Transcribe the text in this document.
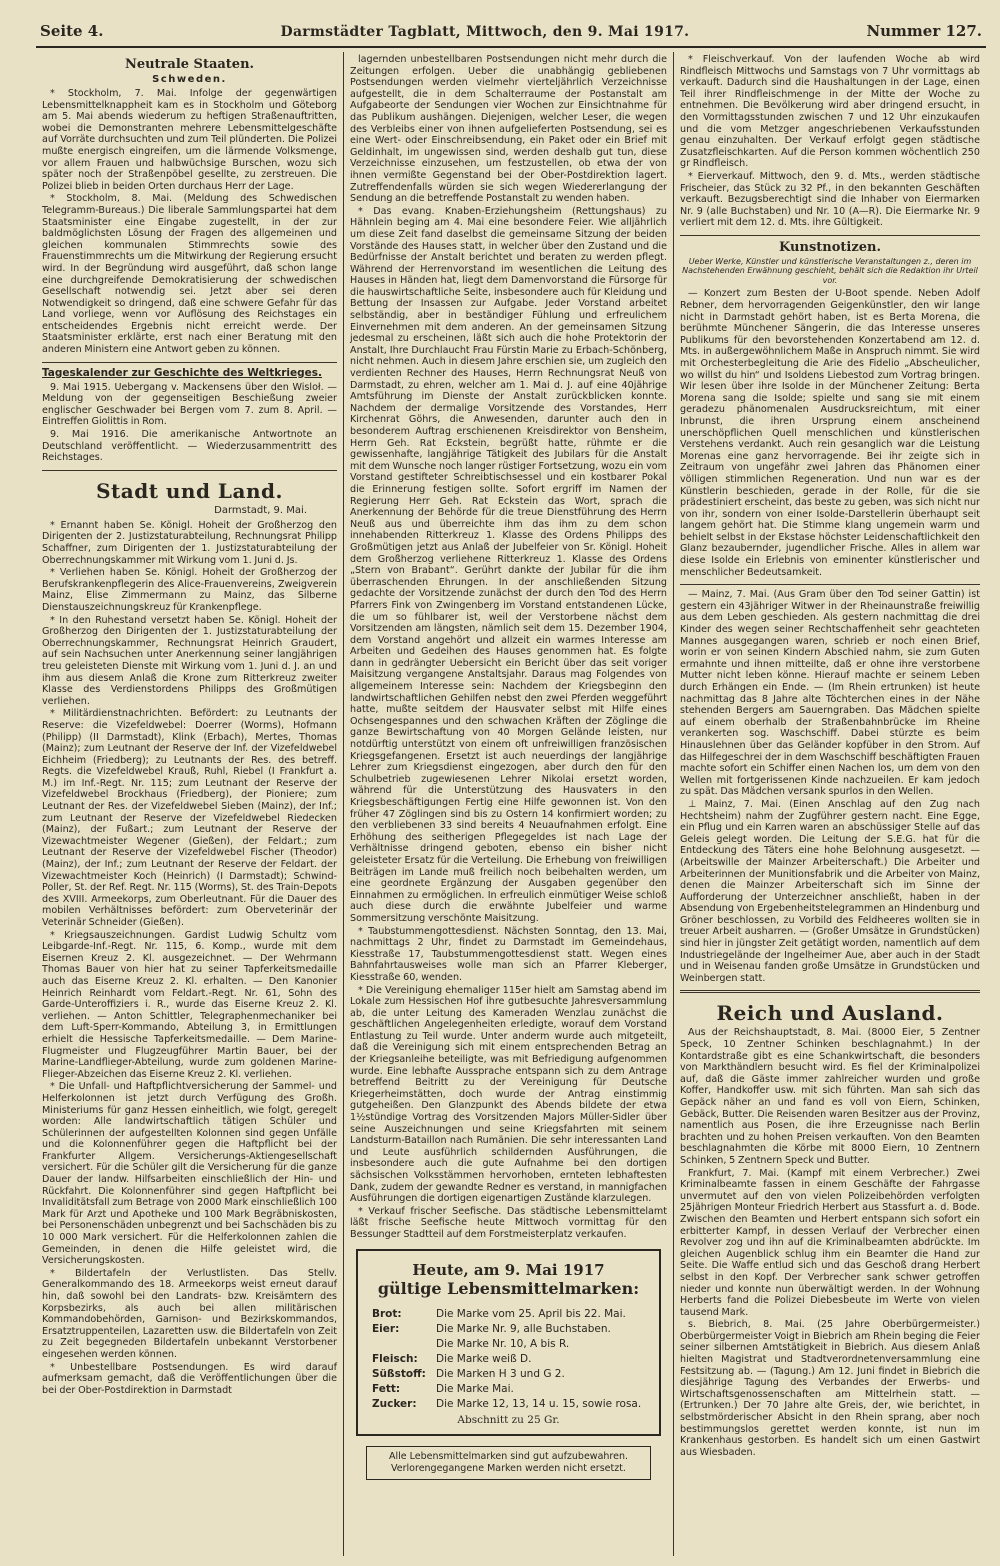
Seite 4.	Darmstädter Tagblatt, Mittwoch, den 9. Mai 1917.	Nummer 127.
Neutrale Staaten.
Schweden.

* Stockholm, 7. Mai. Infolge der gegenwärtigen Lebensmittelknappheit kam es in Stockholm und Göteborg am 5. Mai abends wiederum zu heftigen Straßenauftritten, wobei die Demonstranten mehrere Lebensmittelgeschäfte auf Vorräte durchsuchten und zum Teil plünderten. Die Polizei mußte energisch eingreifen, um die lärmende Volksmenge, vor allem Frauen und halbwüchsige Burschen, wozu sich später noch der Straßenpöbel gesellte, zu zerstreuen. Die Polizei blieb in beiden Orten durchaus Herr der Lage.

* Stockholm, 8. Mai. (Meldung des Schwedischen Telegramm-Bureaus.) Die liberale Sammlungspartei hat dem Staatsminister eine Eingabe zugestellt, in der zur baldmöglichsten Lösung der Fragen des allgemeinen und gleichen kommunalen Stimmrechts sowie des Frauenstimmrechts um die Mitwirkung der Regierung ersucht wird. In der Begründung wird ausgeführt, daß schon lange eine durchgreifende Demokratisierung der schwedischen Gesellschaft notwendig sei. Jetzt aber sei deren Notwendigkeit so dringend, daß eine schwere Gefahr für das Land vorliege, wenn vor Auflösung des Reichstages ein entscheidendes Ergebnis nicht erreicht werde. Der Staatsminister erklärte, erst nach einer Beratung mit den anderen Ministern eine Antwort geben zu können.

Tageskalender zur Geschichte des Weltkrieges.

9. Mai 1915. Uebergang v. Mackensens über den Wisloł. — Meldung von der gegenseitigen Beschießung zweier englischer Geschwader bei Bergen vom 7. zum 8. April. — Eintreffen Giolittis in Rom.

9. Mai 1916. Die amerikanische Antwortnote an Deutschland veröffentlicht. — Wiederzusammentritt des Reichstages.

Stadt und Land.
Darmstadt, 9. Mai.

* Ernannt haben Se. Königl. Hoheit der Großherzog den Dirigenten der 2. Justizstaturabteilung, Rechnungsrat Philipp Schaffner, zum Dirigenten der 1. Justizstaturabteilung der Oberrechnungskammer mit Wirkung vom 1. Juni d. Js.

* Verliehen haben Se. Königl. Hoheit der Großherzog der Berufskrankenpflegerin des Alice-Frauenvereins, Zweigverein Mainz, Elise Zimmermann zu Mainz, das Silberne Dienstauszeichnungskreuz für Krankenpflege.

* In den Ruhestand versetzt haben Se. Königl. Hoheit der Großherzog den Dirigenten der 1. Justizstaturabteilung der Oberrechnungskammer, Rechnungsrat Heinrich Graudert, auf sein Nachsuchen unter Anerkennung seiner langjährigen treu geleisteten Dienste mit Wirkung vom 1. Juni d. J. an und ihm aus diesem Anlaß die Krone zum Ritterkreuz zweiter Klasse des Verdienstordens Philipps des Großmütigen verliehen.

* Militärdienstnachrichten. Befördert: zu Leutnants der Reserve: die Vizefeldwebel: Doerrer (Worms), Hofmann (Philipp) (II Darmstadt), Klink (Erbach), Mertes, Thomas (Mainz); zum Leutnant der Reserve der Inf. der Vizefeldwebel Eichheim (Friedberg); zu Leutnants der Res. des betreff. Regts. die Vizefeldwebel Krauß, Ruhl, Riebel (I Frankfurt a. M.) im Inf.-Regt. Nr. 115; zum Leutnant der Reserve der Vizefeldwebel Brockhaus (Friedberg), der Pioniere; zum Leutnant der Res. der Vizefeldwebel Sieben (Mainz), der Inf.; zum Leutnant der Reserve der Vizefeldwebel Riedecken (Mainz), der Fußart.; zum Leutnant der Reserve der Vizewachtmeister Wegener (Gießen), der Feldart.; zum Leutnant der Reserve der Vizefeldwebel Fischer (Theodor) (Mainz), der Inf.; zum Leutnant der Reserve der Feldart. der Vizewachtmeister Koch (Heinrich) (I Darmstadt); Schwind-Poller, St. der Ref. Regt. Nr. 115 (Worms), St. des Train-Depots des XVIII. Armeekorps, zum Oberleutnant. Für die Dauer des mobilen Verhältnisses befördert: zum Oberveterinär der Veterinär Schneider (Gießen).

* Kriegsauszeichnungen. Gardist Ludwig Schultz vom Leibgarde-Inf.-Regt. Nr. 115, 6. Komp., wurde mit dem Eisernen Kreuz 2. Kl. ausgezeichnet. — Der Wehrmann Thomas Bauer von hier hat zu seiner Tapferkeitsmedaille auch das Eiserne Kreuz 2. Kl. erhalten. — Den Kanonier Heinrich Reinhardt vom Feldart.-Regt. Nr. 61, Sohn des Garde-Unteroffiziers i. R., wurde das Eiserne Kreuz 2. Kl. verliehen. — Anton Schittler, Telegraphenmechaniker bei dem Luft-Sperr-Kommando, Abteilung 3, in Ermittlungen erhielt die Hessische Tapferkeitsmedaille. — Dem Marine-Flugmeister und Flugzeugführer Martin Bauer, bei der Marine-Landflieger-Abteilung, wurde zum goldenen Marine-Flieger-Abzeichen das Eiserne Kreuz 2. Kl. verliehen.

* Die Unfall- und Haftpflichtversicherung der Sammel- und Helferkolonnen ist jetzt durch Verfügung des Großh. Ministeriums für ganz Hessen einheitlich, wie folgt, geregelt worden: Alle landwirtschaftlich tätigen Schüler und Schülerinnen der aufgestellten Kolonnen sind gegen Unfälle und die Kolonnenführer gegen die Haftpflicht bei der Frankfurter Allgem. Versicherungs-Aktiengesellschaft versichert. Für die Schüler gilt die Versicherung für die ganze Dauer der landw. Hilfsarbeiten einschließlich der Hin- und Rückfahrt. Die Kolonnenführer sind gegen Haftpflicht bei Invaliditätsfall zum Betrage von 2000 Mark einschließlich 100 Mark für Arzt und Apotheke und 100 Mark Begräbniskosten, bei Personenschäden unbegrenzt und bei Sachschäden bis zu 10 000 Mark versichert. Für die Helferkolonnen zahlen die Gemeinden, in denen die Hilfe geleistet wird, die Versicherungskosten.

* Bildertafeln der Verlustlisten. Das Stellv. Generalkommando des 18. Armeekorps weist erneut darauf hin, daß sowohl bei den Landrats- bzw. Kreisämtern des Korpsbezirks, als auch bei allen militärischen Kommandobehörden, Garnison- und Bezirkskommandos, Ersatztruppenteilen, Lazaretten usw. die Bildertafeln von Zeit zu Zeit begegneden Bildertafeln unbekannt Verstorbener eingesehen werden können.

* Unbestellbare Postsendungen. Es wird darauf aufmerksam gemacht, daß die Veröffentlichungen über die bei der Ober-Postdirektion in Darmstadt

lagernden unbestellbaren Postsendungen nicht mehr durch die Zeitungen erfolgen. Ueber die unabhängig gebliebenen Postsendungen werden vielmehr vierteljährlich Verzeichnisse aufgestellt, die in dem Schalterraume der Postanstalt am Aufgabeorte der Sendungen vier Wochen zur Einsichtnahme für das Publikum aushängen. Diejenigen, welcher Leser, die wegen des Verbleibs einer von ihnen aufgelieferten Postsendung, sei es eine Wert- oder Einschreibsendung, ein Paket oder ein Brief mit Geldinhalt, im ungewissen sind, werden deshalb gut tun, diese Verzeichnisse einzusehen, um festzustellen, ob etwa der von ihnen vermißte Gegenstand bei der Ober-Postdirektion lagert. Zutreffendenfalls würden sie sich wegen Wiedererlangung der Sendung an die betreffende Postanstalt zu wenden haben.

* Das evang. Knaben-Erziehungsheim (Rettungshaus) zu Hähnlein beging am 4. Mai eine besondere Feier. Wie alljährlich um diese Zeit fand daselbst die gemeinsame Sitzung der beiden Vorstände des Hauses statt, in welcher über den Zustand und die Bedürfnisse der Anstalt berichtet und beraten zu werden pflegt. Während der Herrenvorstand im wesentlichen die Leitung des Hauses in Händen hat, liegt dem Damenvorstand die Fürsorge für die hauswirtschaftliche Seite, insbesondere auch für Kleidung und Bettung der Insassen zur Aufgabe. Jeder Vorstand arbeitet selbständig, aber in beständiger Fühlung und erfreulichem Einvernehmen mit dem anderen. An der gemeinsamen Sitzung jedesmal zu erscheinen, läßt sich auch die hohe Protektorin der Anstalt, Ihre Durchlaucht Frau Fürstin Marie zu Erbach-Schönberg, nicht nehmen. Auch in diesem Jahre erschien sie, um zugleich den verdienten Rechner des Hauses, Herrn Rechnungsrat Neuß von Darmstadt, zu ehren, welcher am 1. Mai d. J. auf eine 40jährige Amtsführung im Dienste der Anstalt zurückblicken konnte. Nachdem der dermalige Vorsitzende des Vorstandes, Herr Kirchenrat Göhrs, die Anwesenden, darunter auch den in besonderem Auftrag erschienenen Kreisdirektor von Bensheim, Herrn Geh. Rat Eckstein, begrüßt hatte, rühmte er die gewissenhafte, langjährige Tätigkeit des Jubilars für die Anstalt mit dem Wunsche noch langer rüstiger Fortsetzung, wozu ein vom Vorstand gestifteter Schreibtischsessel und ein kostbarer Pokal die Erinnerung festigen sollte. Sofort ergriff im Namen der Regierung Herr Geh. Rat Eckstein das Wort, sprach die Anerkennung der Behörde für die treue Dienstführung des Herrn Neuß aus und überreichte ihm das ihm zu dem schon innehabenden Ritterkreuz 1. Klasse des Ordens Philipps des Großmütigen jetzt aus Anlaß der Jubelfeier von Sr. Königl. Hoheit dem Großherzog verliehene Ritterkreuz 1. Klasse des Ordens „Stern von Brabant“. Gerührt dankte der Jubilar für die ihm überraschenden Ehrungen. In der anschließenden Sitzung gedachte der Vorsitzende zunächst der durch den Tod des Herrn Pfarrers Fink von Zwingenberg im Vorstand entstandenen Lücke, die um so fühlbarer ist, weil der Verstorbene nächst dem Vorsitzenden am längsten, nämlich seit dem 15. Dezember 1904, dem Vorstand angehört und allzeit ein warmes Interesse am Arbeiten und Gedeihen des Hauses genommen hat. Es folgte dann in gedrängter Uebersicht ein Bericht über das seit voriger Maisitzung vergangene Anstaltsjahr. Daraus mag Folgendes von allgemeinem Interesse sein: Nachdem der Kriegsbeginn den landwirtschaftlichen Gehilfen nebst den zwei Pferden weggeführt hatte, mußte seitdem der Hausvater selbst mit Hilfe eines Ochsengespannes und den schwachen Kräften der Zöglinge die ganze Bewirtschaftung von 40 Morgen Gelände leisten, nur notdürftig unterstützt von einem oft unfreiwilligen französischen Kriegsgefangenen. Ersetzt ist auch neuerdings der langjährige Lehrer zum Kriegsdienst eingezogen, aber durch den für den Schulbetrieb zugewiesenen Lehrer Nikolai ersetzt worden, während für die Unterstützung des Hausvaters in den Kriegsbeschäftigungen Fertig eine Hilfe gewonnen ist. Von den früher 47 Zöglingen sind bis zu Ostern 14 konfirmiert worden; zu den verbliebenen 33 sind bereits 4 Neuaufnahmen erfolgt. Eine Erhöhung des seitherigen Pflegegeldes ist nach Lage der Verhältnisse dringend geboten, ebenso ein bisher nicht geleisteter Ersatz für die Verteilung. Die Erhebung von freiwilligen Beiträgen im Lande muß freilich noch beibehalten werden, um eine geordnete Ergänzung der Ausgaben gegenüber den Einnahmen zu ermöglichen. In erfreulich einmütiger Weise schloß auch diese durch die erwähnte Jubelfeier und warme Sommersitzung verschönte Maisitzung.

* Taubstummengottesdienst. Nächsten Sonntag, den 13. Mai, nachmittags 2 Uhr, findet zu Darmstadt im Gemeindehaus, Kiesstraße 17, Taubstummengottesdienst statt. Wegen eines Bahnfahrtausweises wolle man sich an Pfarrer Kleberger, Kiesstraße 60, wenden.

* Die Vereinigung ehemaliger 115er hielt am Samstag abend im Lokale zum Hessischen Hof ihre gutbesuchte Jahresversammlung ab, die unter Leitung des Kameraden Wenzlau zunächst die geschäftlichen Angelegenheiten erledigte, worauf dem Vorstand Entlastung zu Teil wurde. Unter anderm wurde auch mitgeteilt, daß die Vereinigung sich mit einem entsprechenden Betrag an der Kriegsanleihe beteiligte, was mit Befriedigung aufgenommen wurde. Eine lebhafte Aussprache entspann sich zu dem Antrage betreffend Beitritt zu der Vereinigung für Deutsche Kriegerheimstätten, doch wurde der Antrag einstimmig gutgeheißen. Den Glanzpunkt des Abends bildete der etwa 1½stündige Vortrag des Vorsitzenden Majors Müller-Sidler über seine Auszeichnungen und seine Kriegsfahrten mit seinem Landsturm-Bataillon nach Rumänien. Die sehr interessanten Land und Leute ausführlich schildernden Ausführungen, die insbesondere auch die gute Aufnahme bei den dortigen sächsischen Volksstämmen hervorhoben, ernteten lebhaftesten Dank, zudem der gewandte Redner es verstand, in mannigfachen Ausführungen die dortigen eigenartigen Zustände klarzulegen.

* Verkauf frischer Seefische. Das städtische Lebensmittelamt läßt frische Seefische heute Mittwoch vormittag für den Bessunger Stadtteil auf dem Forstmeisterplatz verkaufen.

Heute, am 9. Mai 1917
gültige Lebensmittelmarken:
Brot:	Die Marke vom 25. April bis 22. Mai.
Eier:	Die Marke Nr. 9, alle Buchstaben.
	Die Marke Nr. 10, A bis R.
Fleisch:	Die Marke weiß D.
Süßstoff:	Die Marken H 3 und G 2.
Fett:	Die Marke Mai.
Zucker:	Die Marke 12, 13, 14 u. 15, sowie rosa.
Abschnitt zu 25 Gr.
Alle Lebensmittelmarken sind gut aufzubewahren.
Verlorengegangene Marken werden nicht ersetzt.

* Fleischverkauf. Von der laufenden Woche ab wird Rindfleisch Mittwochs und Samstags von 7 Uhr vormittags ab verkauft. Dadurch sind die Haushaltungen in der Lage, einen Teil ihrer Rindfleischmenge in der Mitte der Woche zu entnehmen. Die Bevölkerung wird aber dringend ersucht, in den Vormittagsstunden zwischen 7 und 12 Uhr einzukaufen und die vom Metzger angeschriebenen Verkaufsstunden genau einzuhalten. Der Verkauf erfolgt gegen städtische Zusatzfleischkarten. Auf die Person kommen wöchentlich 250 gr Rindfleisch.

* Eierverkauf. Mittwoch, den 9. d. Mts., werden städtische Frischeier, das Stück zu 32 Pf., in den bekannten Geschäften verkauft. Bezugsberechtigt sind die Inhaber von Eiermarken Nr. 9 (alle Buchstaben) und Nr. 10 (A—R). Die Eiermarke Nr. 9 verliert mit dem 12. d. Mts. ihre Gültigkeit.

Kunstnotizen.
Ueber Werke, Künstler und künstlerische Veranstaltungen z., deren im Nachstehenden Erwähnung geschieht, behält sich die Redaktion ihr Urteil vor.

— Konzert zum Besten der U-Boot spende. Neben Adolf Rebner, dem hervorragenden Geigenkünstler, den wir lange nicht in Darmstadt gehört haben, ist es Berta Morena, die berühmte Münchener Sängerin, die das Interesse unseres Publikums für den bevorstehenden Konzertabend am 12. d. Mts. in außergewöhnlichem Maße in Anspruch nimmt. Sie wird mit Orchesterbegleitung die Arie des Fidelio „Abscheulicher, wo willst du hin“ und Isoldens Liebestod zum Vortrag bringen. Wir lesen über ihre Isolde in der Münchener Zeitung: Berta Morena sang die Isolde; spielte und sang sie mit einem geradezu phänomenalen Ausdrucksreichtum, mit einer Inbrunst, die ihren Ursprung einem anscheinend unerschöpflichen Quell menschlichen und künstlerischen Verstehens verdankt. Auch rein gesanglich war die Leistung Morenas eine ganz hervorragende. Bei ihr zeigte sich in Zeitraum von ungefähr zwei Jahren das Phänomen einer völligen stimmlichen Regeneration. Und nun war es der Künstlerin beschieden, gerade in der Rolle, für die sie prädestiniert erscheint, das beste zu geben, was sich nicht nur von ihr, sondern von einer Isolde-Darstellerin überhaupt seit langem gehört hat. Die Stimme klang ungemein warm und behielt selbst in der Ekstase höchster Leidenschaftlichkeit den Glanz bezaubernder, jugendlicher Frische. Alles in allem war diese Isolde ein Erlebnis von eminenter künstlerischer und menschlicher Bedeutsamkeit.

— Mainz, 7. Mai. (Aus Gram über den Tod seiner Gattin) ist gestern ein 43jähriger Witwer in der Rheinaunstraße freiwillig aus dem Leben geschieden. Als gestern nachmittag die drei Kinder des wegen seiner Rechtschaffenheit sehr geachteten Mannes ausgegangen waren, schrieb er noch einen Brief, worin er von seinen Kindern Abschied nahm, sie zum Guten ermahnte und ihnen mitteilte, daß er ohne ihre verstorbene Mutter nicht leben könne. Hierauf machte er seinem Leben durch Erhängen ein Ende. — (Im Rhein ertrunken) ist heute nachmittag das 8 Jahre alte Töchterchen eines in der Nähe stehenden Bergers am Sauerngraben. Das Mädchen spielte auf einem oberhalb der Straßenbahnbrücke im Rheine verankerten sog. Waschschiff. Dabei stürzte es beim Hinauslehnen über das Geländer kopfüber in den Strom. Auf das Hilfegeschrei der in dem Waschschiff beschäftigten Frauen machte sofort ein Schiffer einen Nachen los, um dem von den Wellen mit fortgerissenen Kinde nachzueilen. Er kam jedoch zu spät. Das Mädchen versank spurlos in den Wellen.

⊥ Mainz, 7. Mai. (Einen Anschlag auf den Zug nach Hechtsheim) nahm der Zugführer gestern nacht. Eine Egge, ein Pflug und ein Karren waren an abschüssiger Stelle auf das Geleis gelegt worden. Die Leitung der S.E.G. hat für die Entdeckung des Täters eine hohe Belohnung ausgesetzt. — (Arbeitswille der Mainzer Arbeiterschaft.) Die Arbeiter und Arbeiterinnen der Munitionsfabrik und die Arbeiter von Mainz, denen die Mainzer Arbeiterschaft sich im Sinne der Aufforderung der Unterzeichner anschließt, haben in der Absendung von Ergebenheitstelegrammen an Hindenburg und Gröner beschlossen, zu Vorbild des Feldheeres wollten sie in treuer Arbeit ausharren. — (Großer Umsätze in Grundstücken) sind hier in jüngster Zeit getätigt worden, namentlich auf dem Industriegelände der Ingelheimer Aue, aber auch in der Stadt und in Weisenau fanden große Umsätze in Grundstücken und Weinbergen statt.

Reich und Ausland.

Aus der Reichshauptstadt, 8. Mai. (8000 Eier, 5 Zentner Speck, 10 Zentner Schinken beschlagnahmt.) In der Kontardstraße gibt es eine Schankwirtschaft, die besonders von Markthändlern besucht wird. Es fiel der Kriminalpolizei auf, daß die Gäste immer zahlreicher wurden und große Koffer, Handkoffer usw. mit sich führten. Man sah sich das Gepäck näher an und fand es voll von Eiern, Schinken, Gebäck, Butter. Die Reisenden waren Besitzer aus der Provinz, namentlich aus Posen, die ihre Erzeugnisse nach Berlin brachten und zu hohen Preisen verkauften. Von den Beamten beschlagnahmten die Körbe mit 8000 Eiern, 10 Zentnern Schinken, 5 Zentnern Speck und Butter.

Frankfurt, 7. Mai. (Kampf mit einem Verbrecher.) Zwei Kriminalbeamte fassen in einem Geschäfte der Fahrgasse unvermutet auf den von vielen Polizeibehörden verfolgten 25jährigen Monteur Friedrich Herbert aus Stassfurt a. d. Bode. Zwischen den Beamten und Herbert entspann sich sofort ein erbitterter Kampf, in dessen Verlauf der Verbrecher einen Revolver zog und ihn auf die Kriminalbeamten abdrückte. Im gleichen Augenblick schlug ihm ein Beamter die Hand zur Seite. Die Waffe entlud sich und das Geschoß drang Herbert selbst in den Kopf. Der Verbrecher sank schwer getroffen nieder und konnte nun überwältigt werden. In der Wohnung Herberts fand die Polizei Diebesbeute im Werte von vielen tausend Mark.

s. Biebrich, 8. Mai. (25 Jahre Oberbürgermeister.) Oberbürgermeister Voigt in Biebrich am Rhein beging die Feier seiner silbernen Amtstätigkeit in Biebrich. Aus diesem Anlaß hielten Magistrat und Stadtverordnetenversammlung eine Festsitzung ab. — (Tagung.) Am 12. Juni findet in Biebrich die diesjährige Tagung des Verbandes der Erwerbs- und Wirtschaftsgenossenschaften am Mittelrhein statt. — (Ertrunken.) Der 70 Jahre alte Greis, der, wie berichtet, in selbstmörderischer Absicht in den Rhein sprang, aber noch bestimmungslos gerettet werden konnte, ist nun im Krankenhaus gestorben. Es handelt sich um einen Gastwirt aus Wiesbaden.
